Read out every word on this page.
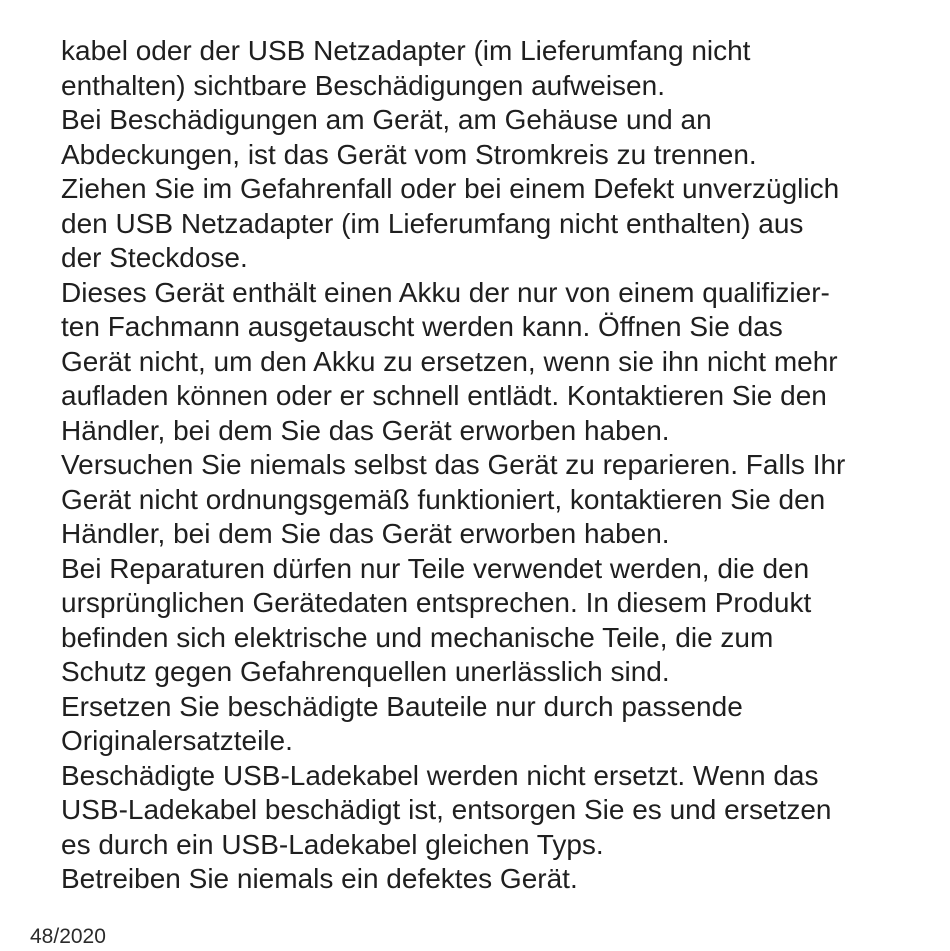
kabel oder der USB Netzadapter (im Lieferumfang nicht
enthalten) sichtbare Beschädigungen aufweisen.

Bei Beschädigungen am Gerät, am Gehäuse und an
Abdeckungen, ist das Gerät vom Stromkreis zu trennen.

Ziehen Sie im Gefahrenfall oder bei einem Defekt unverzüglich
den USB Netzadapter (im Lieferumfang nicht enthalten) aus
der Steckdose.

Dieses Gerät enthält einen Akku der nur von einem qualifizier-
ten Fachmann ausgetauscht werden kann. Öffnen Sie das
Gerät nicht, um den Akku zu ersetzen, wenn sie ihn nicht mehr
aufladen können oder er schnell entlädt. Kontaktieren Sie den
Händler, bei dem Sie das Gerät erworben haben.

Versuchen Sie niemals selbst das Gerät zu reparieren. Falls Ihr
Gerät nicht ordnungsgemäß funktioniert, kontaktieren Sie den
Händler, bei dem Sie das Gerät erworben haben.

Bei Reparaturen dürfen nur Teile verwendet werden, die den
ursprünglichen Gerätedaten entsprechen. In diesem Produkt
befinden sich elektrische und mechanische Teile, die zum
Schutz gegen Gefahrenquellen unerlässlich sind.

Ersetzen Sie beschädigte Bauteile nur durch passende
Originalersatzteile.

Beschädigte USB-Ladekabel werden nicht ersetzt. Wenn das
USB-Ladekabel beschädigt ist, entsorgen Sie es und ersetzen
es durch ein USB-Ladekabel gleichen Typs.

Betreiben Sie niemals ein defektes Gerät.

48/2020
